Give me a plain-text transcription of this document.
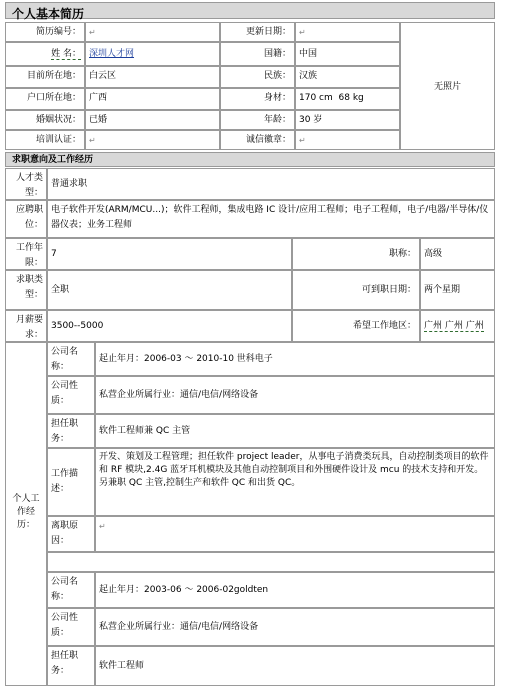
个人基本简历
简历编号：	↵	更新日期：	↵
无照片
姓 名： 深圳人才网	国籍： 中国
目前所在地： 白云区	民族： 汉族
户口所在地： 广西	身材： 170 cm 68 kg
婚姻状况： 已婚	年龄： 30 岁
培训认证：	↵	诚信徽章：	↵
求职意向及工作经历
人才类型：
普通求职
应聘职位：
电子软件开发(ARM/MCU...)；软件工程师，集成电路 IC 设计/应用工程师；电子工程师，电子/电器/半导体/仪器仪表；业务工程师
工作年限：
7	职称： 高级
求职类型： 全职	可到职日期： 两个星期
月薪要求：
3500--5000	希望工作地区： 广州 广州 广州
个人工作经历：
公司名称：
起止年月：2006-03 ～ 2010-10 世科电子
公司性质：
私营企业所属行业：通信/电信/网络设备
担任职务：
软件工程师兼 QC 主管
工作描述：
开发、策划及工程管理；担任软件 project leader，从事电子消费类玩具，自动控制类项目的软件和 RF 模块,2.4G 蓝牙耳机模块及其他自动控制项目和外围硬件设计及 mcu 的技术支持和开发。
另兼职 QC 主管,控制生产和软件 QC 和出货 QC。
离职原因：
↵
公司名称：
起止年月：2003-06 ～ 2006-02goldten
公司性质：
私营企业所属行业：通信/电信/网络设备
担任职务：	软件工程师
